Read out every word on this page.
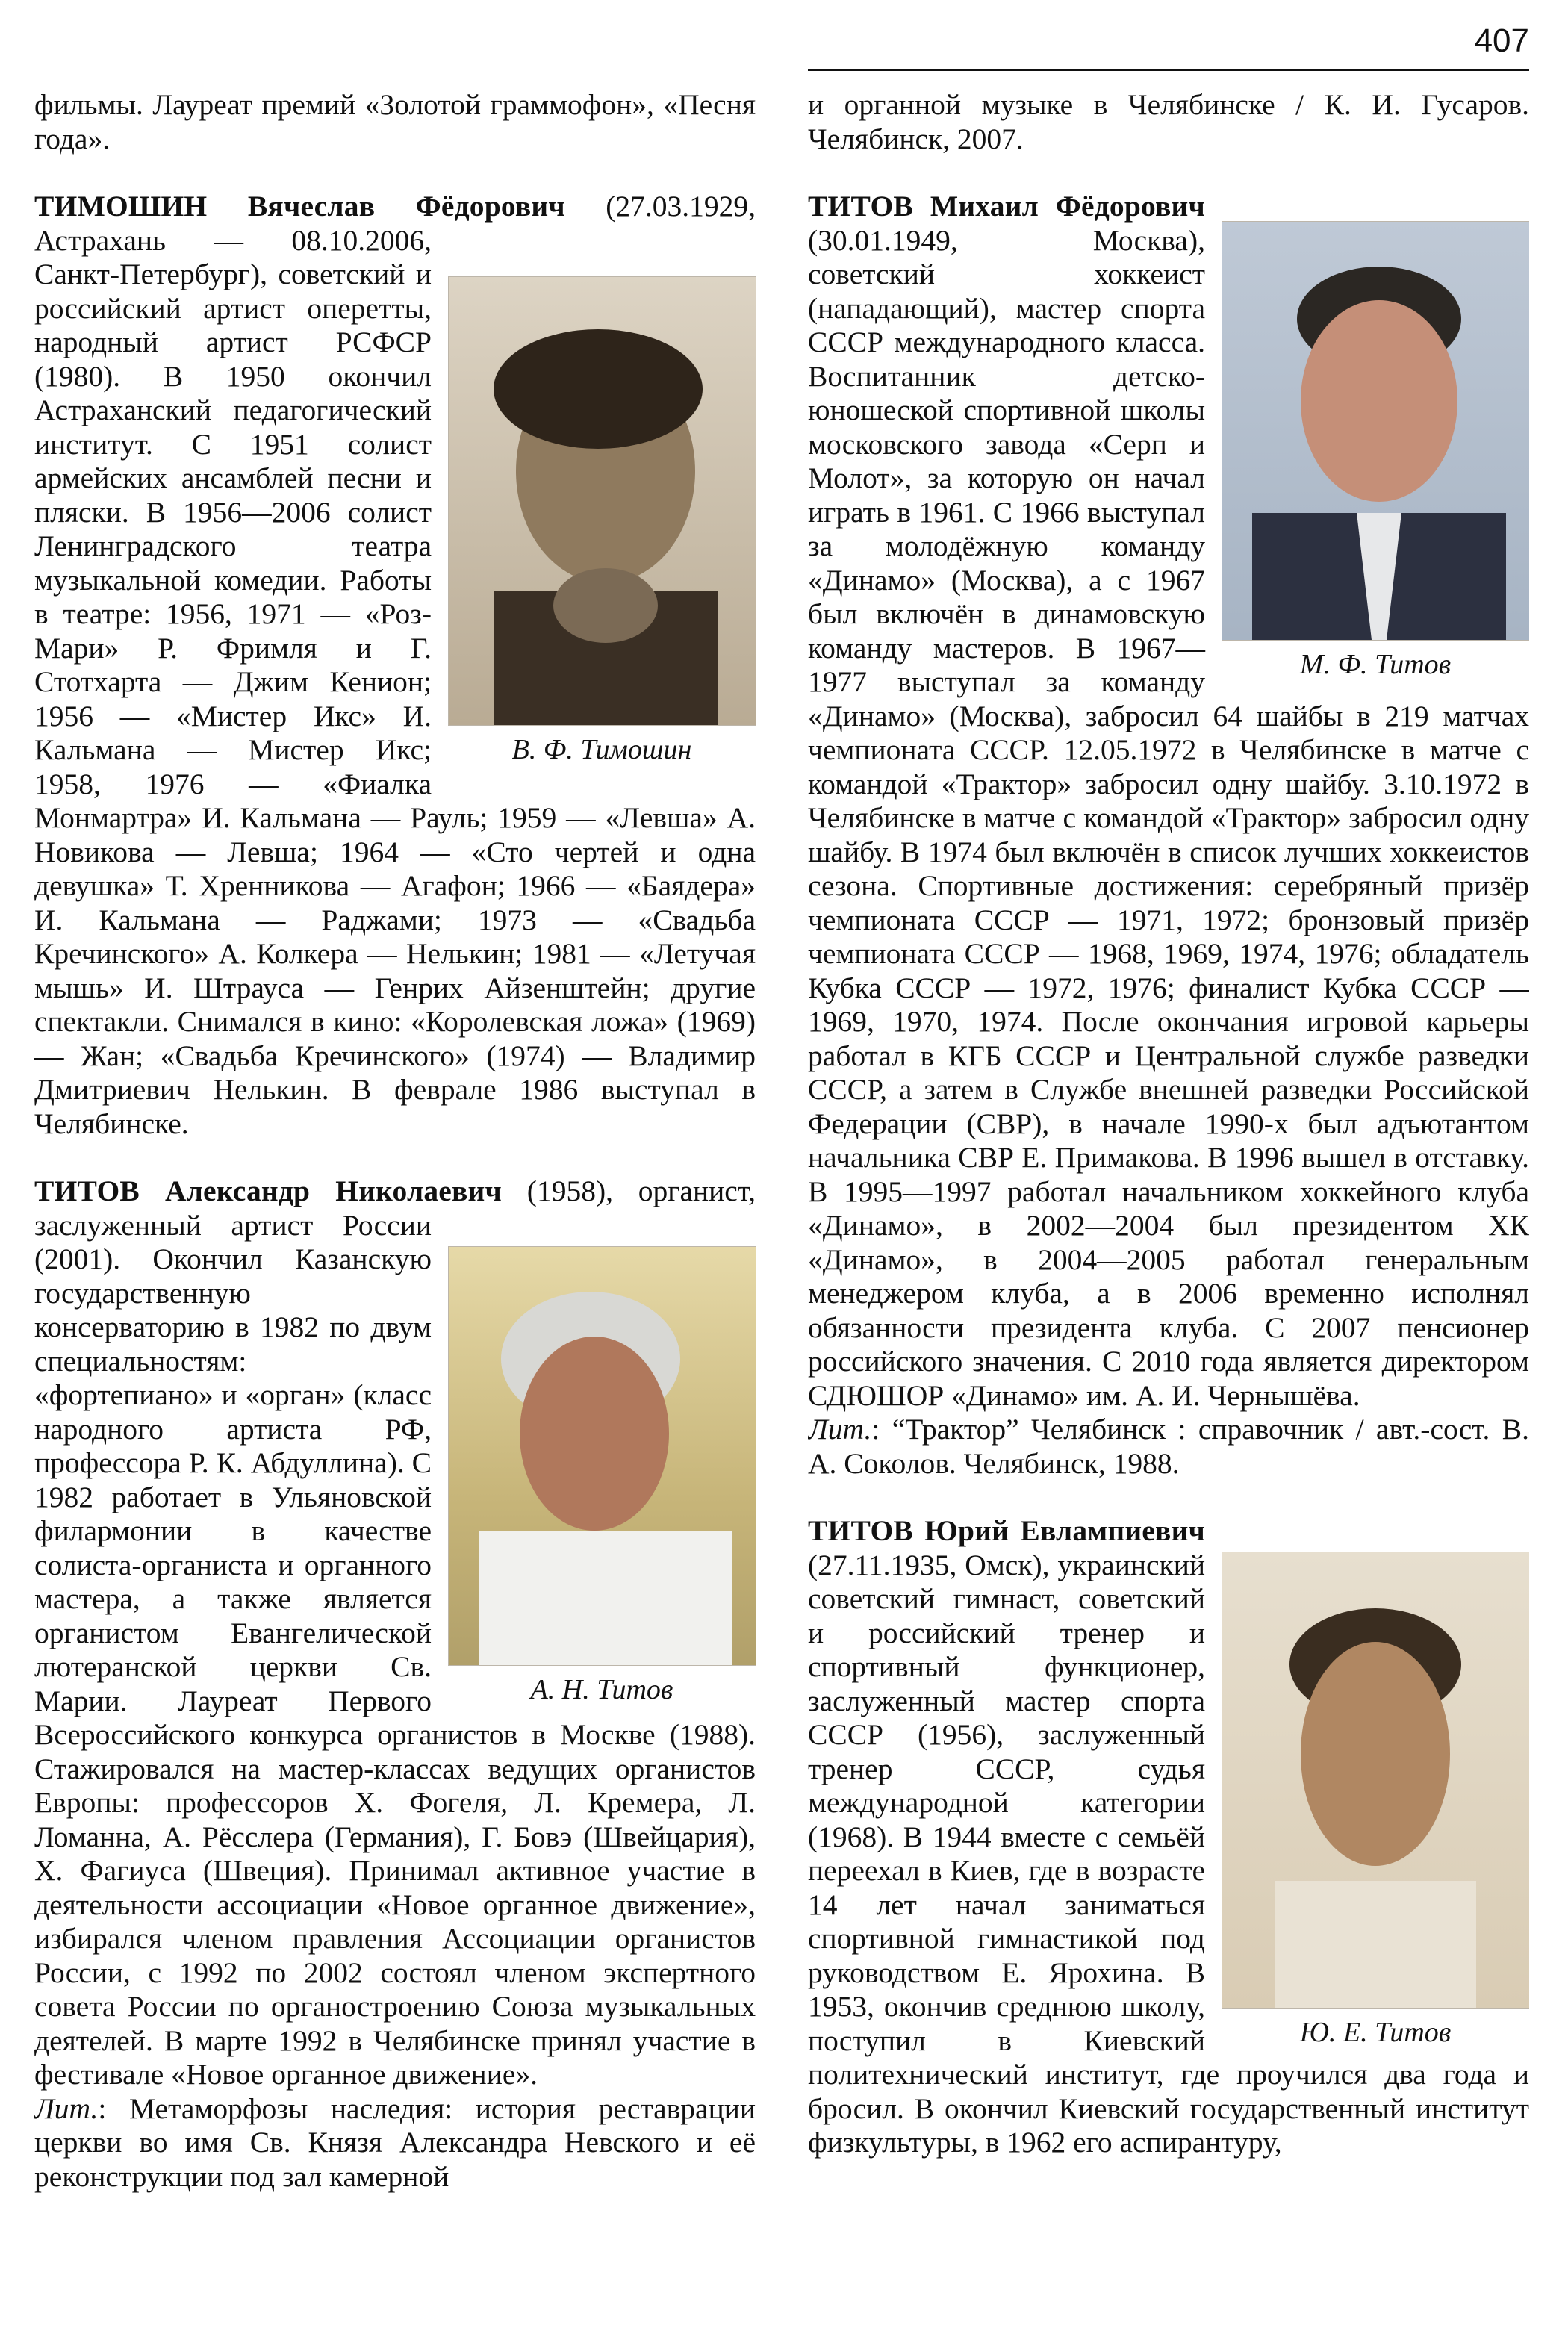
407

фильмы. Лауреат премий «Золотой граммофон», «Песня года».

ТИМОШИН Вячеслав Фёдорович
В. Ф. Тимошин
(27.03.1929, Астрахань — 08.10.2006, Санкт-Петербург), советский и российский артист оперетты, народный артист РСФСР (1980). В 1950 окончил Астраханский педагогический институт. С 1951 солист армейских ансамблей песни и пляски. В 1956—2006 солист Ленинградского театра музыкальной комедии. Работы в театре: 1956, 1971 — «Роз-Мари» Р. Фримля и Г. Стотхарта — Джим Кенион; 1956 — «Мистер Икс» И. Кальмана — Мистер Икс; 1958, 1976 — «Фиалка Монмартра» И. Кальмана — Рауль; 1959 — «Левша» А. Новикова — Левша; 1964 — «Сто чертей и одна девушка» Т. Хренникова — Агафон; 1966 — «Баядера» И. Кальмана — Раджами; 1973 — «Свадьба Кречинского» А. Колкера — Нелькин; 1981 — «Летучая мышь» И. Штрауса — Генрих Айзенштейн; другие спектакли. Снимался в кино: «Королевская ложа» (1969) — Жан; «Свадьба Кречинского» (1974) — Владимир Дмитриевич Нелькин. В феврале 1986 выступал в Челябинске.

ТИТОВ Александр Николаевич
А. Н. Титов
(1958), органист, заслуженный артист России (2001). Окончил Казанскую государственную консерваторию в 1982 по двум специальностям: «фортепиано» и «орган» (класс народного артиста РФ, профессора Р. К. Абдуллина). С 1982 работает в Ульяновской филармонии в качестве солиста-органиста и органного мастера, а также является органистом Евангелической лютеранской церкви Св. Марии. Лауреат Первого Всероссийского конкурса органистов в Москве (1988). Стажировался на мастер-классах ведущих органистов Европы: профессоров Х. Фогеля, Л. Кремера, Л. Ломанна, А. Рёсслера (Германия), Г. Бовэ (Швейцария), Х. Фагиуса (Швеция). Принимал активное участие в деятельности ассоциации «Новое органное движение», избирался членом правления Ассоциации органистов России, с 1992 по 2002 состоял членом экспертного совета России по органостроению Союза музыкальных деятелей. В марте 1992 в Челябинске принял участие в фестивале «Новое органное движение».

Лит.: Метаморфозы наследия: история реставрации церкви во имя Св. Князя Александра Невского и её реконструкции под зал камерной

и органной музыке в Челябинске / К. И. Гусаров. Челябинск, 2007.

ТИТОВ Михаил Фёдорович
М. Ф. Титов
(30.01.1949, Москва), советский хоккеист (нападающий), мастер спорта СССР международного класса. Воспитанник детско-юношеской спортивной школы московского завода «Серп и Молот», за которую он начал играть в 1961. С 1966 выступал за молодёжную команду «Динамо» (Москва), а с 1967 был включён в динамовскую команду мастеров. В 1967—1977 выступал за команду «Динамо» (Москва), забросил 64 шайбы в 219 матчах чемпионата СССР. 12.05.1972 в Челябинске в матче с командой «Трактор» забросил одну шайбу. 3.10.1972 в Челябинске в матче с командой «Трактор» забросил одну шайбу. В 1974 был включён в список лучших хоккеистов сезона. Спортивные достижения: серебряный призёр чемпионата СССР — 1971, 1972; бронзовый призёр чемпионата СССР — 1968, 1969, 1974, 1976; обладатель Кубка СССР — 1972, 1976; финалист Кубка СССР — 1969, 1970, 1974. После окончания игровой карьеры работал в КГБ СССР и Центральной службе разведки СССР, а затем в Службе внешней разведки Российской Федерации (СВР), в начале 1990-х был адъютантом начальника СВР Е. Примакова. В 1996 вышел в отставку. В 1995—1997 работал начальником хоккейного клуба «Динамо», в 2002—2004 был президентом ХК «Динамо», в 2004—2005 работал генеральным менеджером клуба, а в 2006 временно исполнял обязанности президента клуба. С 2007 пенсионер российского значения. С 2010 года является директором СДЮШОР «Динамо» им. А. И. Чернышёва.

Лит.: “Трактор” Челябинск : справочник / авт.-сост. В. А. Соколов. Челябинск, 1988.

ТИТОВ Юрий Евлампиевич
Ю. Е. Титов
(27.11.1935, Омск), украинский советский гимнаст, советский и российский тренер и спортивный функционер, заслуженный мастер спорта СССР (1956), заслуженный тренер СССР, судья международной категории (1968). В 1944 вместе с семьёй переехал в Киев, где в возрасте 14 лет начал заниматься спортивной гимнастикой под руководством Е. Ярохина. В 1953, окончив среднюю школу, поступил в Киевский политехнический институт, где проучился два года и бросил. В окончил Киевский государственный институт физкультуры, в 1962 его аспирантуру,
